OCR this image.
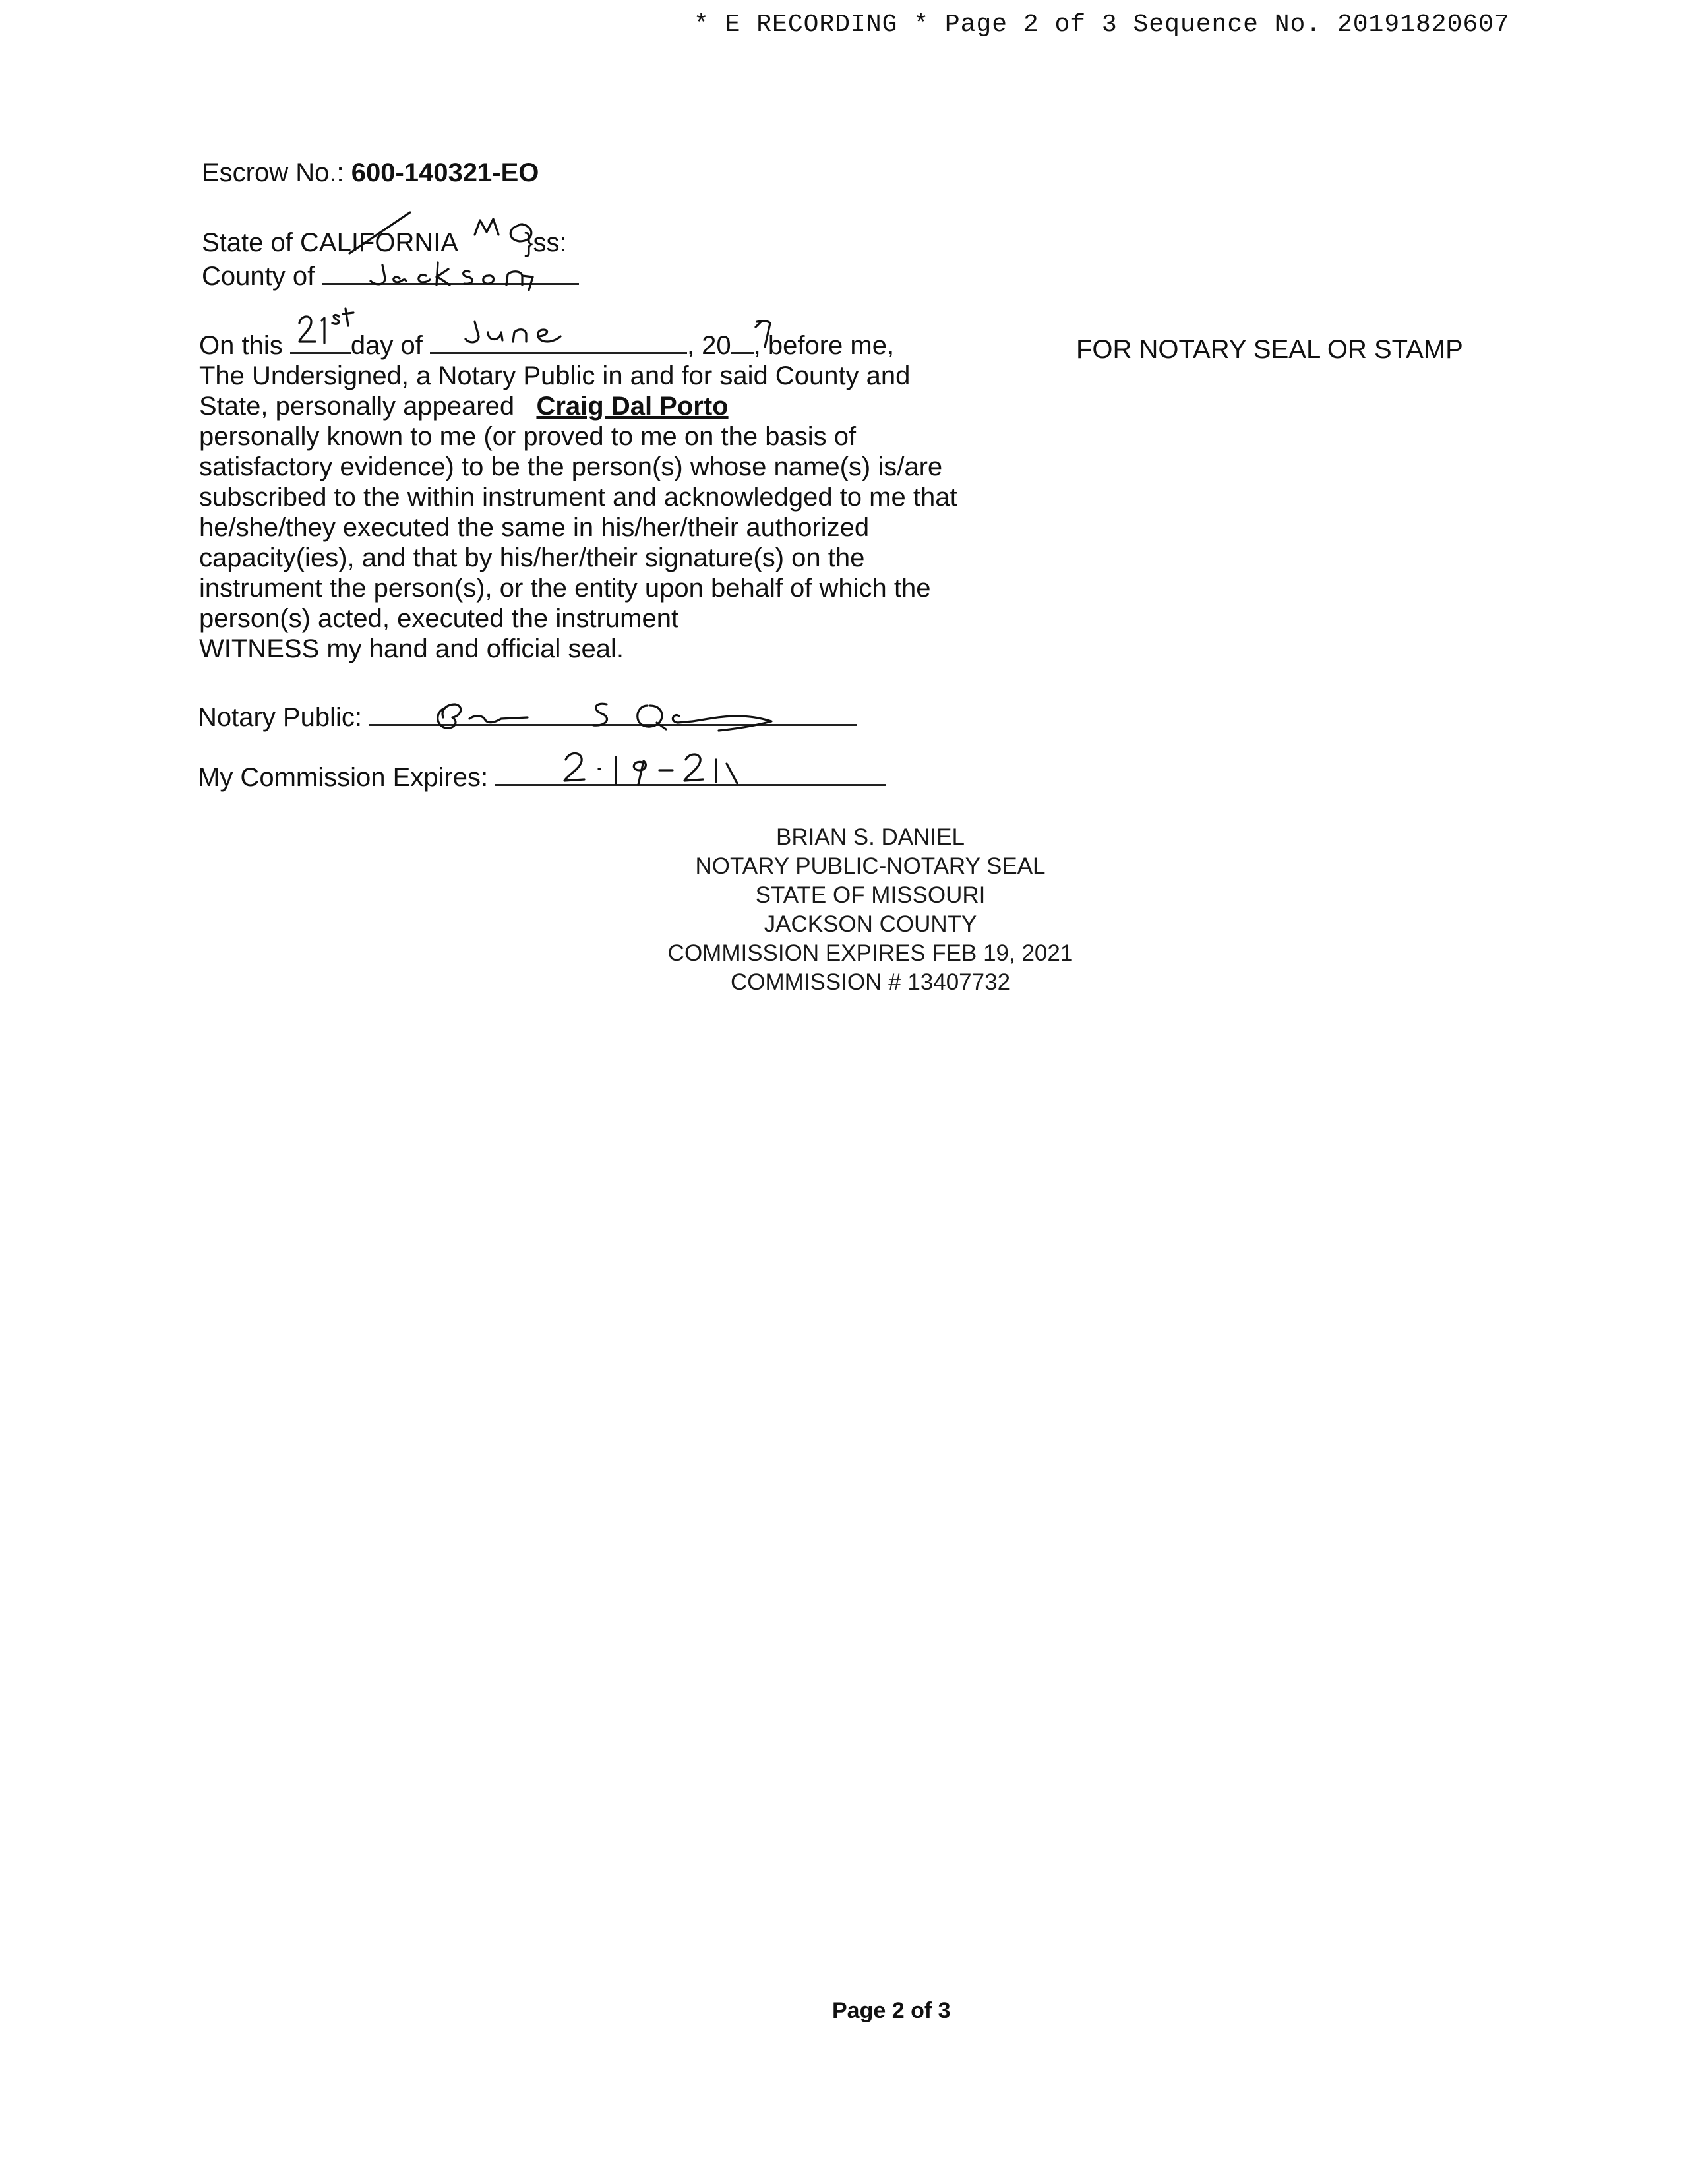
* E RECORDING * Page 2 of 3 Sequence No. 20191820607
Escrow No.: 600-140321-EO
State of CALIFORNIA	}ss:
County of
On this	day of	, 20 , before me,
The Undersigned, a Notary Public in and for said County and
State, personally appeared Craig Dal Porto
personally known to me (or proved to me on the basis of
satisfactory evidence) to be the person(s) whose name(s) is/are
subscribed to the within instrument and acknowledged to me that
he/she/they executed the same in his/her/their authorized
capacity(ies), and that by his/her/their signature(s) on the
instrument the person(s), or the entity upon behalf of which the
person(s) acted, executed the instrument
WITNESS my hand and official seal.
FOR NOTARY SEAL OR STAMP
Notary Public:
My Commission Expires:
BRIAN S. DANIEL
NOTARY PUBLIC-NOTARY SEAL
STATE OF MISSOURI
JACKSON COUNTY
COMMISSION EXPIRES FEB 19, 2021
COMMISSION # 13407732
Page 2 of 3
